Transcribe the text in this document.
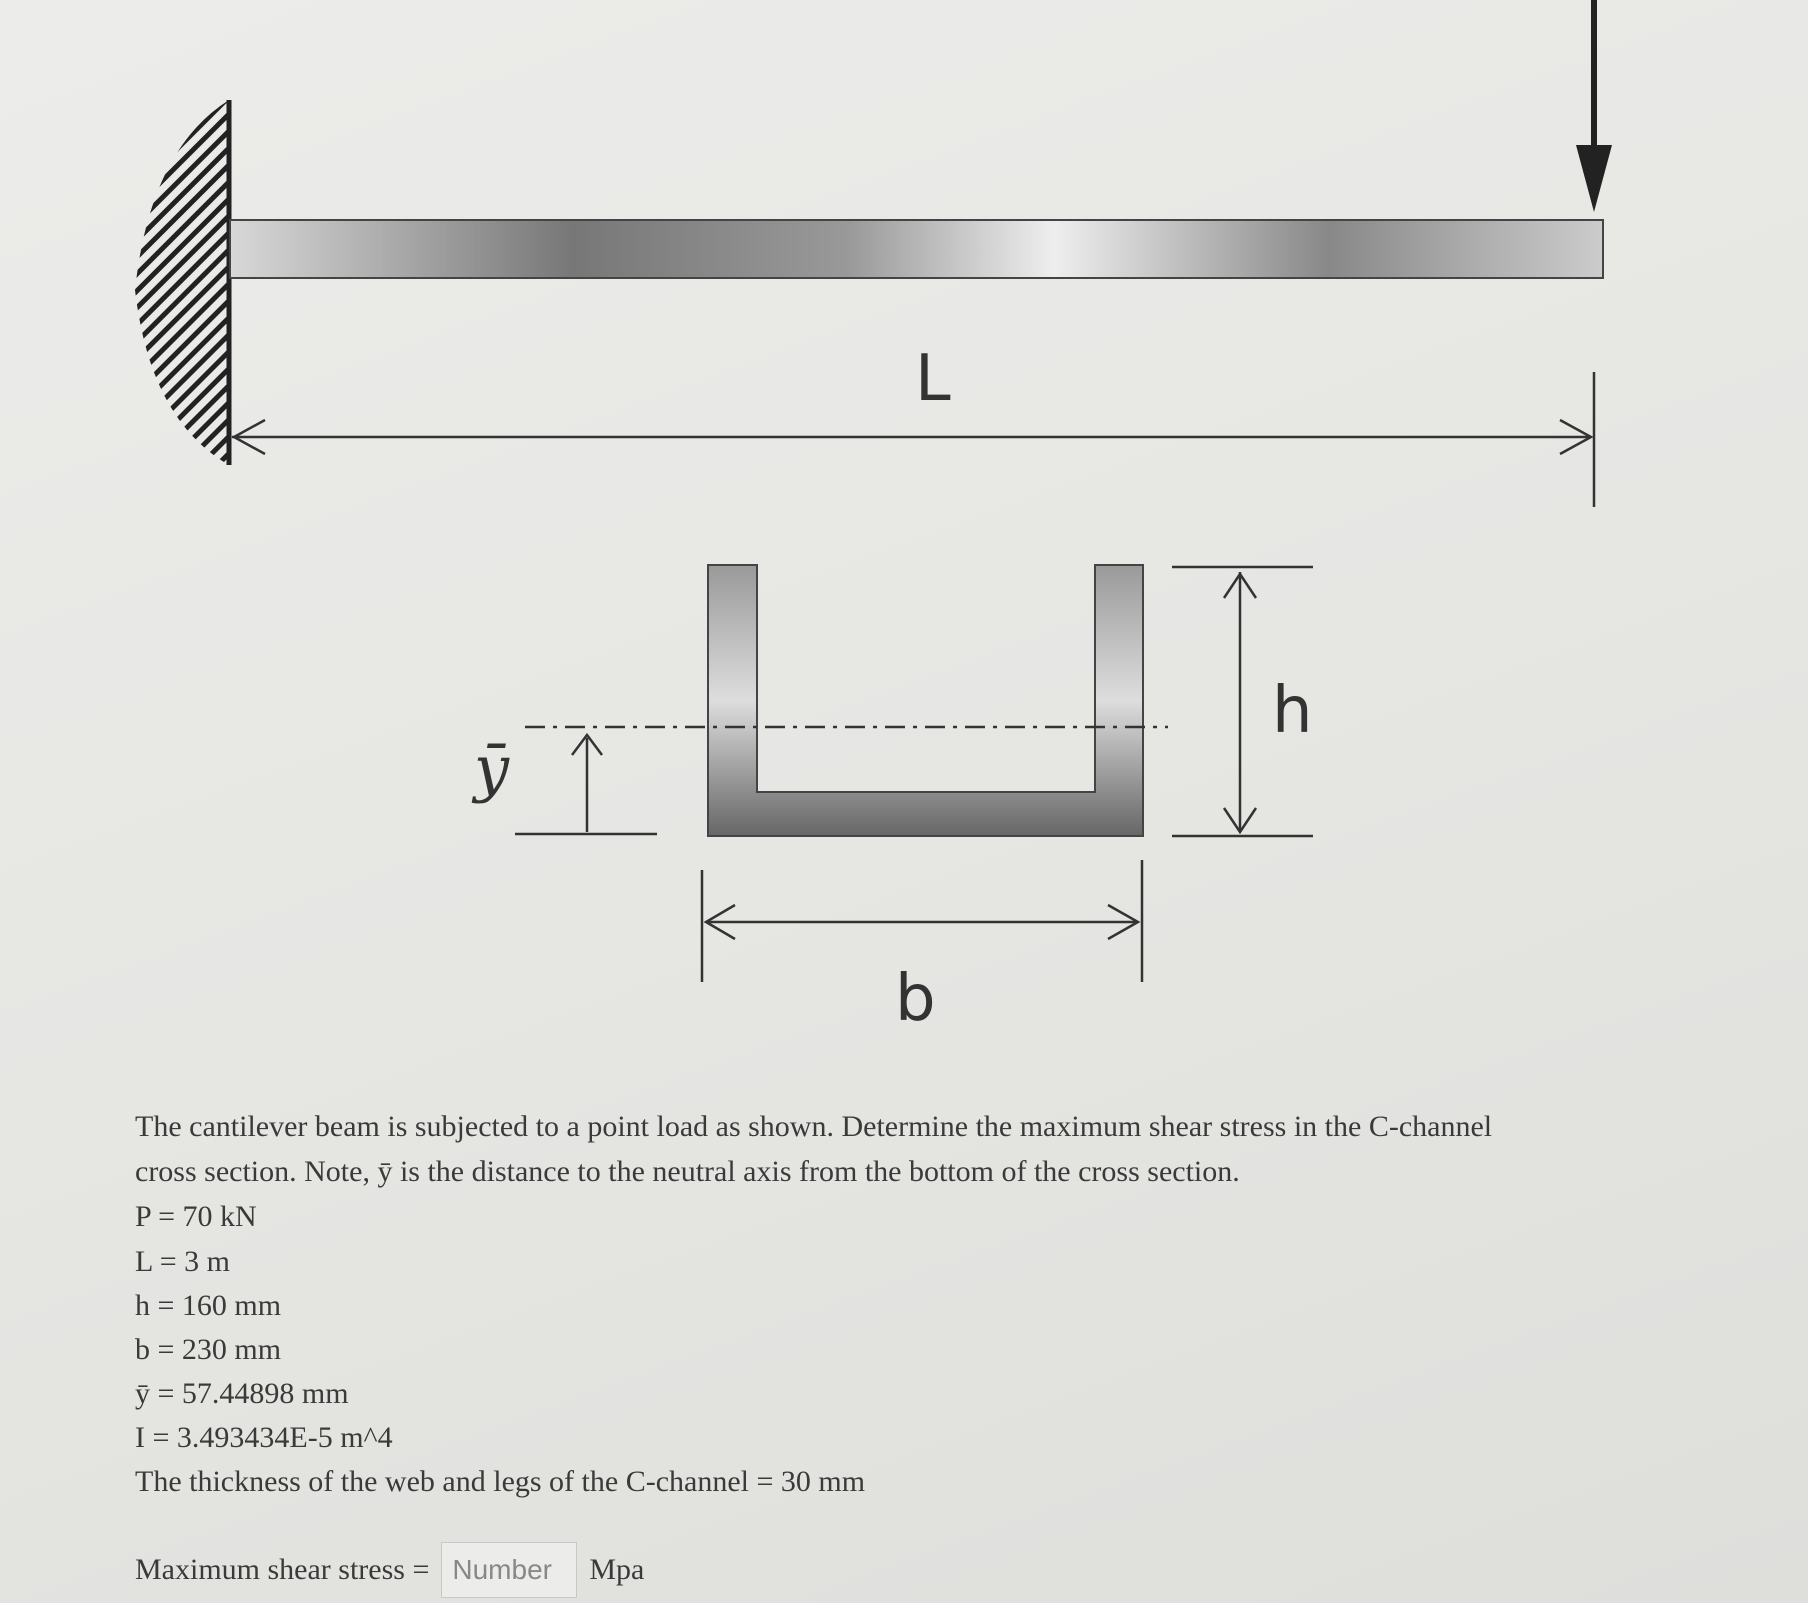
L
ȳ
h
b
The cantilever beam is subjected to a point load as shown. Determine the maximum shear stress in the C-channel
cross section. Note, ȳ is the distance to the neutral axis from the bottom of the cross section.
P = 70 kN
L = 3 m
h = 160 mm
b = 230 mm
ȳ = 57.44898 mm
I = 3.493434E-5 m^4
The thickness of the web and legs of the C-channel = 30 mm
Maximum shear stress =
Number	Mpa
